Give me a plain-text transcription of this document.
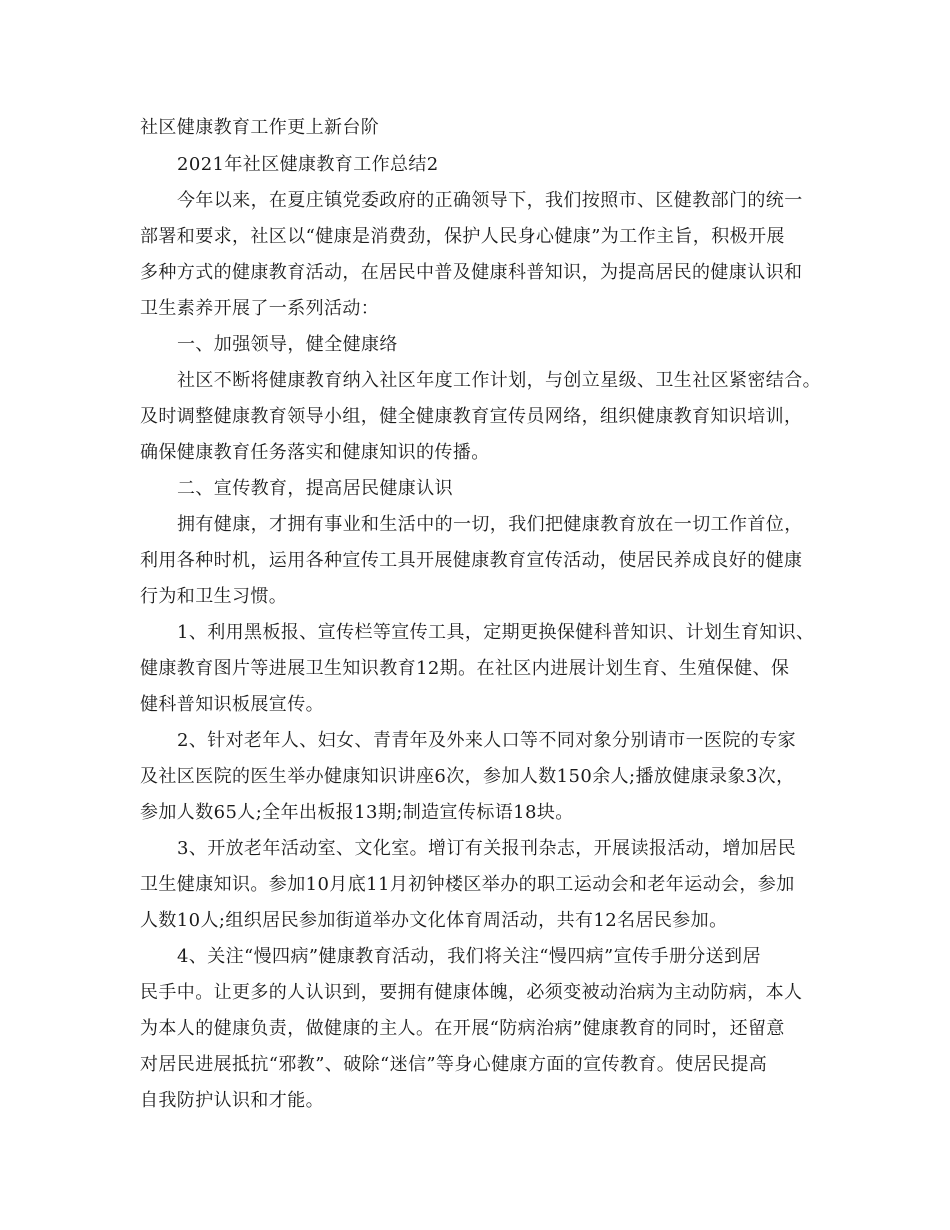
社区健康教育工作更上新台阶
2021年社区健康教育工作总结2
今年以来，在夏庄镇党委政府的正确领导下，我们按照市、区健教部门的统一
部署和要求，社区以“健康是消费劲，保护人民身心健康”为工作主旨，积极开展
多种方式的健康教育活动，在居民中普及健康科普知识，为提高居民的健康认识和
卫生素养开展了一系列活动：
一、加强领导，健全健康络
社区不断将健康教育纳入社区年度工作计划，与创立星级、卫生社区紧密结合。
及时调整健康教育领导小组，健全健康教育宣传员网络，组织健康教育知识培训，
确保健康教育任务落实和健康知识的传播。
二、宣传教育，提高居民健康认识
拥有健康，才拥有事业和生活中的一切，我们把健康教育放在一切工作首位，
利用各种时机，运用各种宣传工具开展健康教育宣传活动，使居民养成良好的健康
行为和卫生习惯。
1、利用黑板报、宣传栏等宣传工具，定期更换保健科普知识、计划生育知识、
健康教育图片等进展卫生知识教育12期。在社区内进展计划生育、生殖保健、保
健科普知识板展宣传。
2、针对老年人、妇女、青青年及外来人口等不同对象分别请市一医院的专家
及社区医院的医生举办健康知识讲座6次，参加人数150余人;播放健康录象3次，
参加人数65人;全年出板报13期;制造宣传标语18块。
3、开放老年活动室、文化室。增订有关报刊杂志，开展读报活动，增加居民
卫生健康知识。参加10月底11月初钟楼区举办的职工运动会和老年运动会，参加
人数10人;组织居民参加街道举办文化体育周活动，共有12名居民参加。
4、关注“慢四病”健康教育活动，我们将关注“慢四病”宣传手册分送到居
民手中。让更多的人认识到，要拥有健康体魄，必须变被动治病为主动防病，本人
为本人的健康负责，做健康的主人。在开展“防病治病”健康教育的同时，还留意
对居民进展抵抗“邪教”、破除“迷信”等身心健康方面的宣传教育。使居民提高
自我防护认识和才能。
